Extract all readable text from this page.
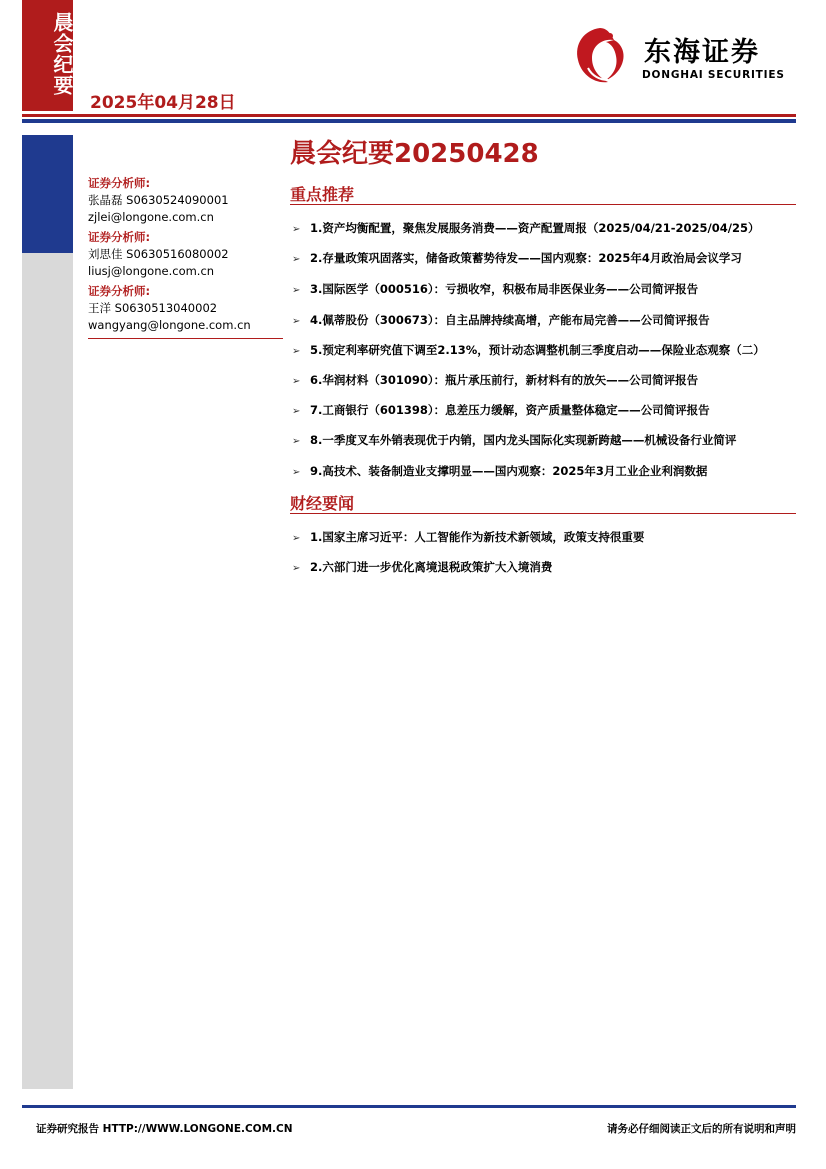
晨会纪要
2025年04月28日
东海证券
DONGHAI SECURITIES
证券分析师:
张晶磊 S0630524090001
zjlei@longone.com.cn
证券分析师:
刘思佳 S0630516080002
liusj@longone.com.cn
证券分析师:
王洋 S0630513040002
wangyang@longone.com.cn
晨会纪要20250428
重点推荐
➢ 1.资产均衡配置，聚焦发展服务消费——资产配置周报（2025/04/21-2025/04/25）
➢ 2.存量政策巩固落实，储备政策蓄势待发——国内观察：2025年4月政治局会议学习
➢ 3.国际医学（000516）：亏损收窄，积极布局非医保业务——公司简评报告
➢ 4.佩蒂股份（300673）：自主品牌持续高增，产能布局完善——公司简评报告
➢ 5.预定利率研究值下调至2.13%，预计动态调整机制三季度启动——保险业态观察（二）
➢ 6.华润材料（301090）：瓶片承压前行，新材料有的放矢——公司简评报告
➢ 7.工商银行（601398）：息差压力缓解，资产质量整体稳定——公司简评报告
➢ 8.一季度叉车外销表现优于内销，国内龙头国际化实现新跨越——机械设备行业简评
➢ 9.高技术、装备制造业支撑明显——国内观察：2025年3月工业企业利润数据
财经要闻
➢ 1.国家主席习近平：人工智能作为新技术新领域，政策支持很重要
➢ 2.六部门进一步优化离境退税政策扩大入境消费
证券研究报告 HTTP://WWW.LONGONE.COM.CN	请务必仔细阅读正文后的所有说明和声明
